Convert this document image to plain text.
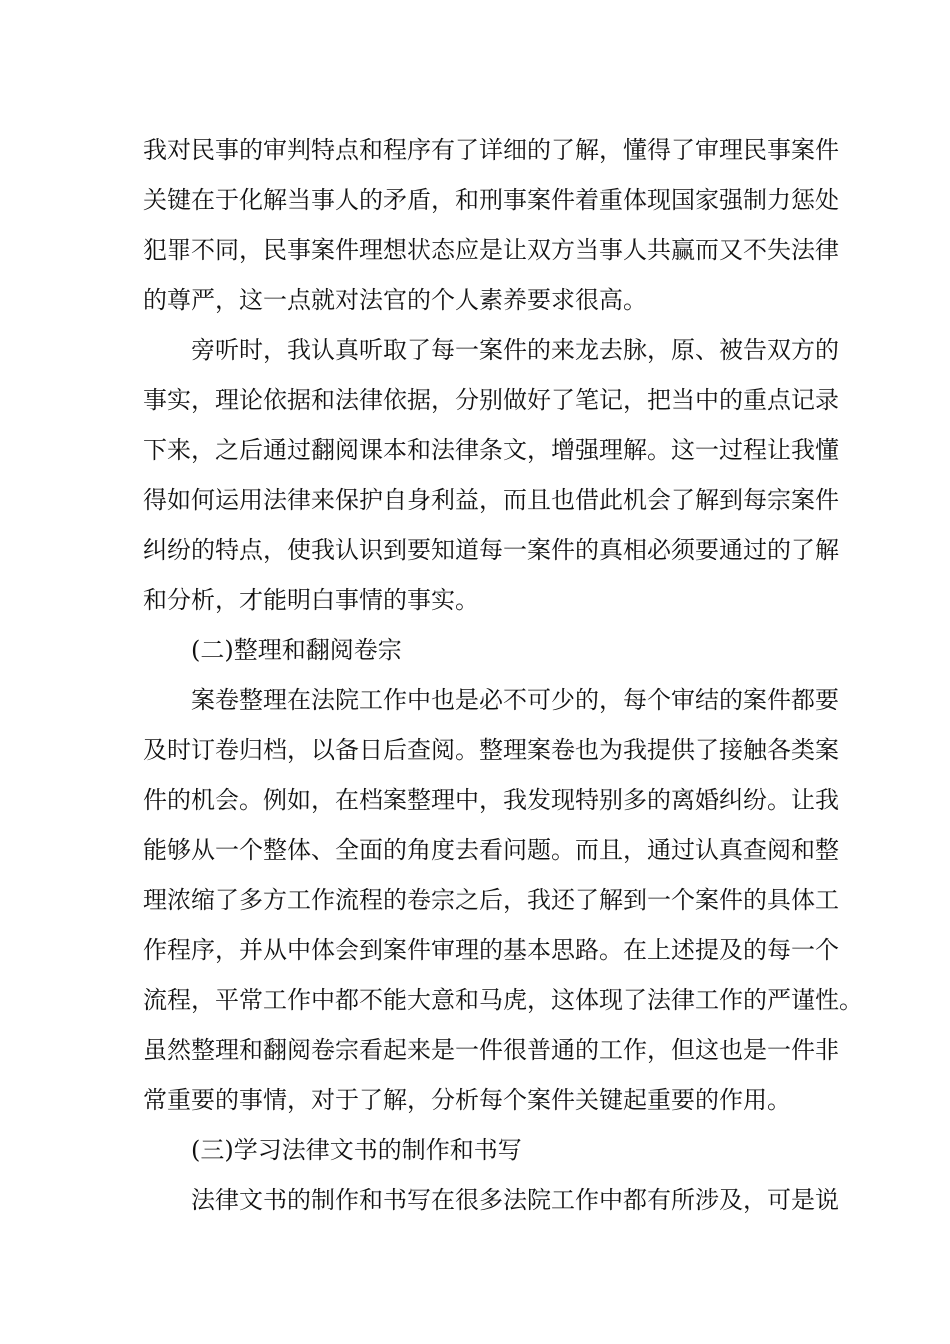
我对民事的审判特点和程序有了详细的了解，懂得了审理民事案件
关键在于化解当事人的矛盾，和刑事案件着重体现国家强制力惩处
犯罪不同，民事案件理想状态应是让双方当事人共赢而又不失法律
的尊严，这一点就对法官的个人素养要求很高。
旁听时，我认真听取了每一案件的来龙去脉，原、被告双方的
事实，理论依据和法律依据，分别做好了笔记，把当中的重点记录
下来，之后通过翻阅课本和法律条文，增强理解。这一过程让我懂
得如何运用法律来保护自身利益，而且也借此机会了解到每宗案件
纠纷的特点，使我认识到要知道每一案件的真相必须要通过的了解
和分析，才能明白事情的事实。
(二)整理和翻阅卷宗
案卷整理在法院工作中也是必不可少的，每个审结的案件都要
及时订卷归档，以备日后查阅。整理案卷也为我提供了接触各类案
件的机会。例如，在档案整理中，我发现特别多的离婚纠纷。让我
能够从一个整体、全面的角度去看问题。而且，通过认真查阅和整
理浓缩了多方工作流程的卷宗之后，我还了解到一个案件的具体工
作程序，并从中体会到案件审理的基本思路。在上述提及的每一个
流程，平常工作中都不能大意和马虎，这体现了法律工作的严谨性。
虽然整理和翻阅卷宗看起来是一件很普通的工作，但这也是一件非
常重要的事情，对于了解，分析每个案件关键起重要的作用。
(三)学习法律文书的制作和书写
法律文书的制作和书写在很多法院工作中都有所涉及，可是说
